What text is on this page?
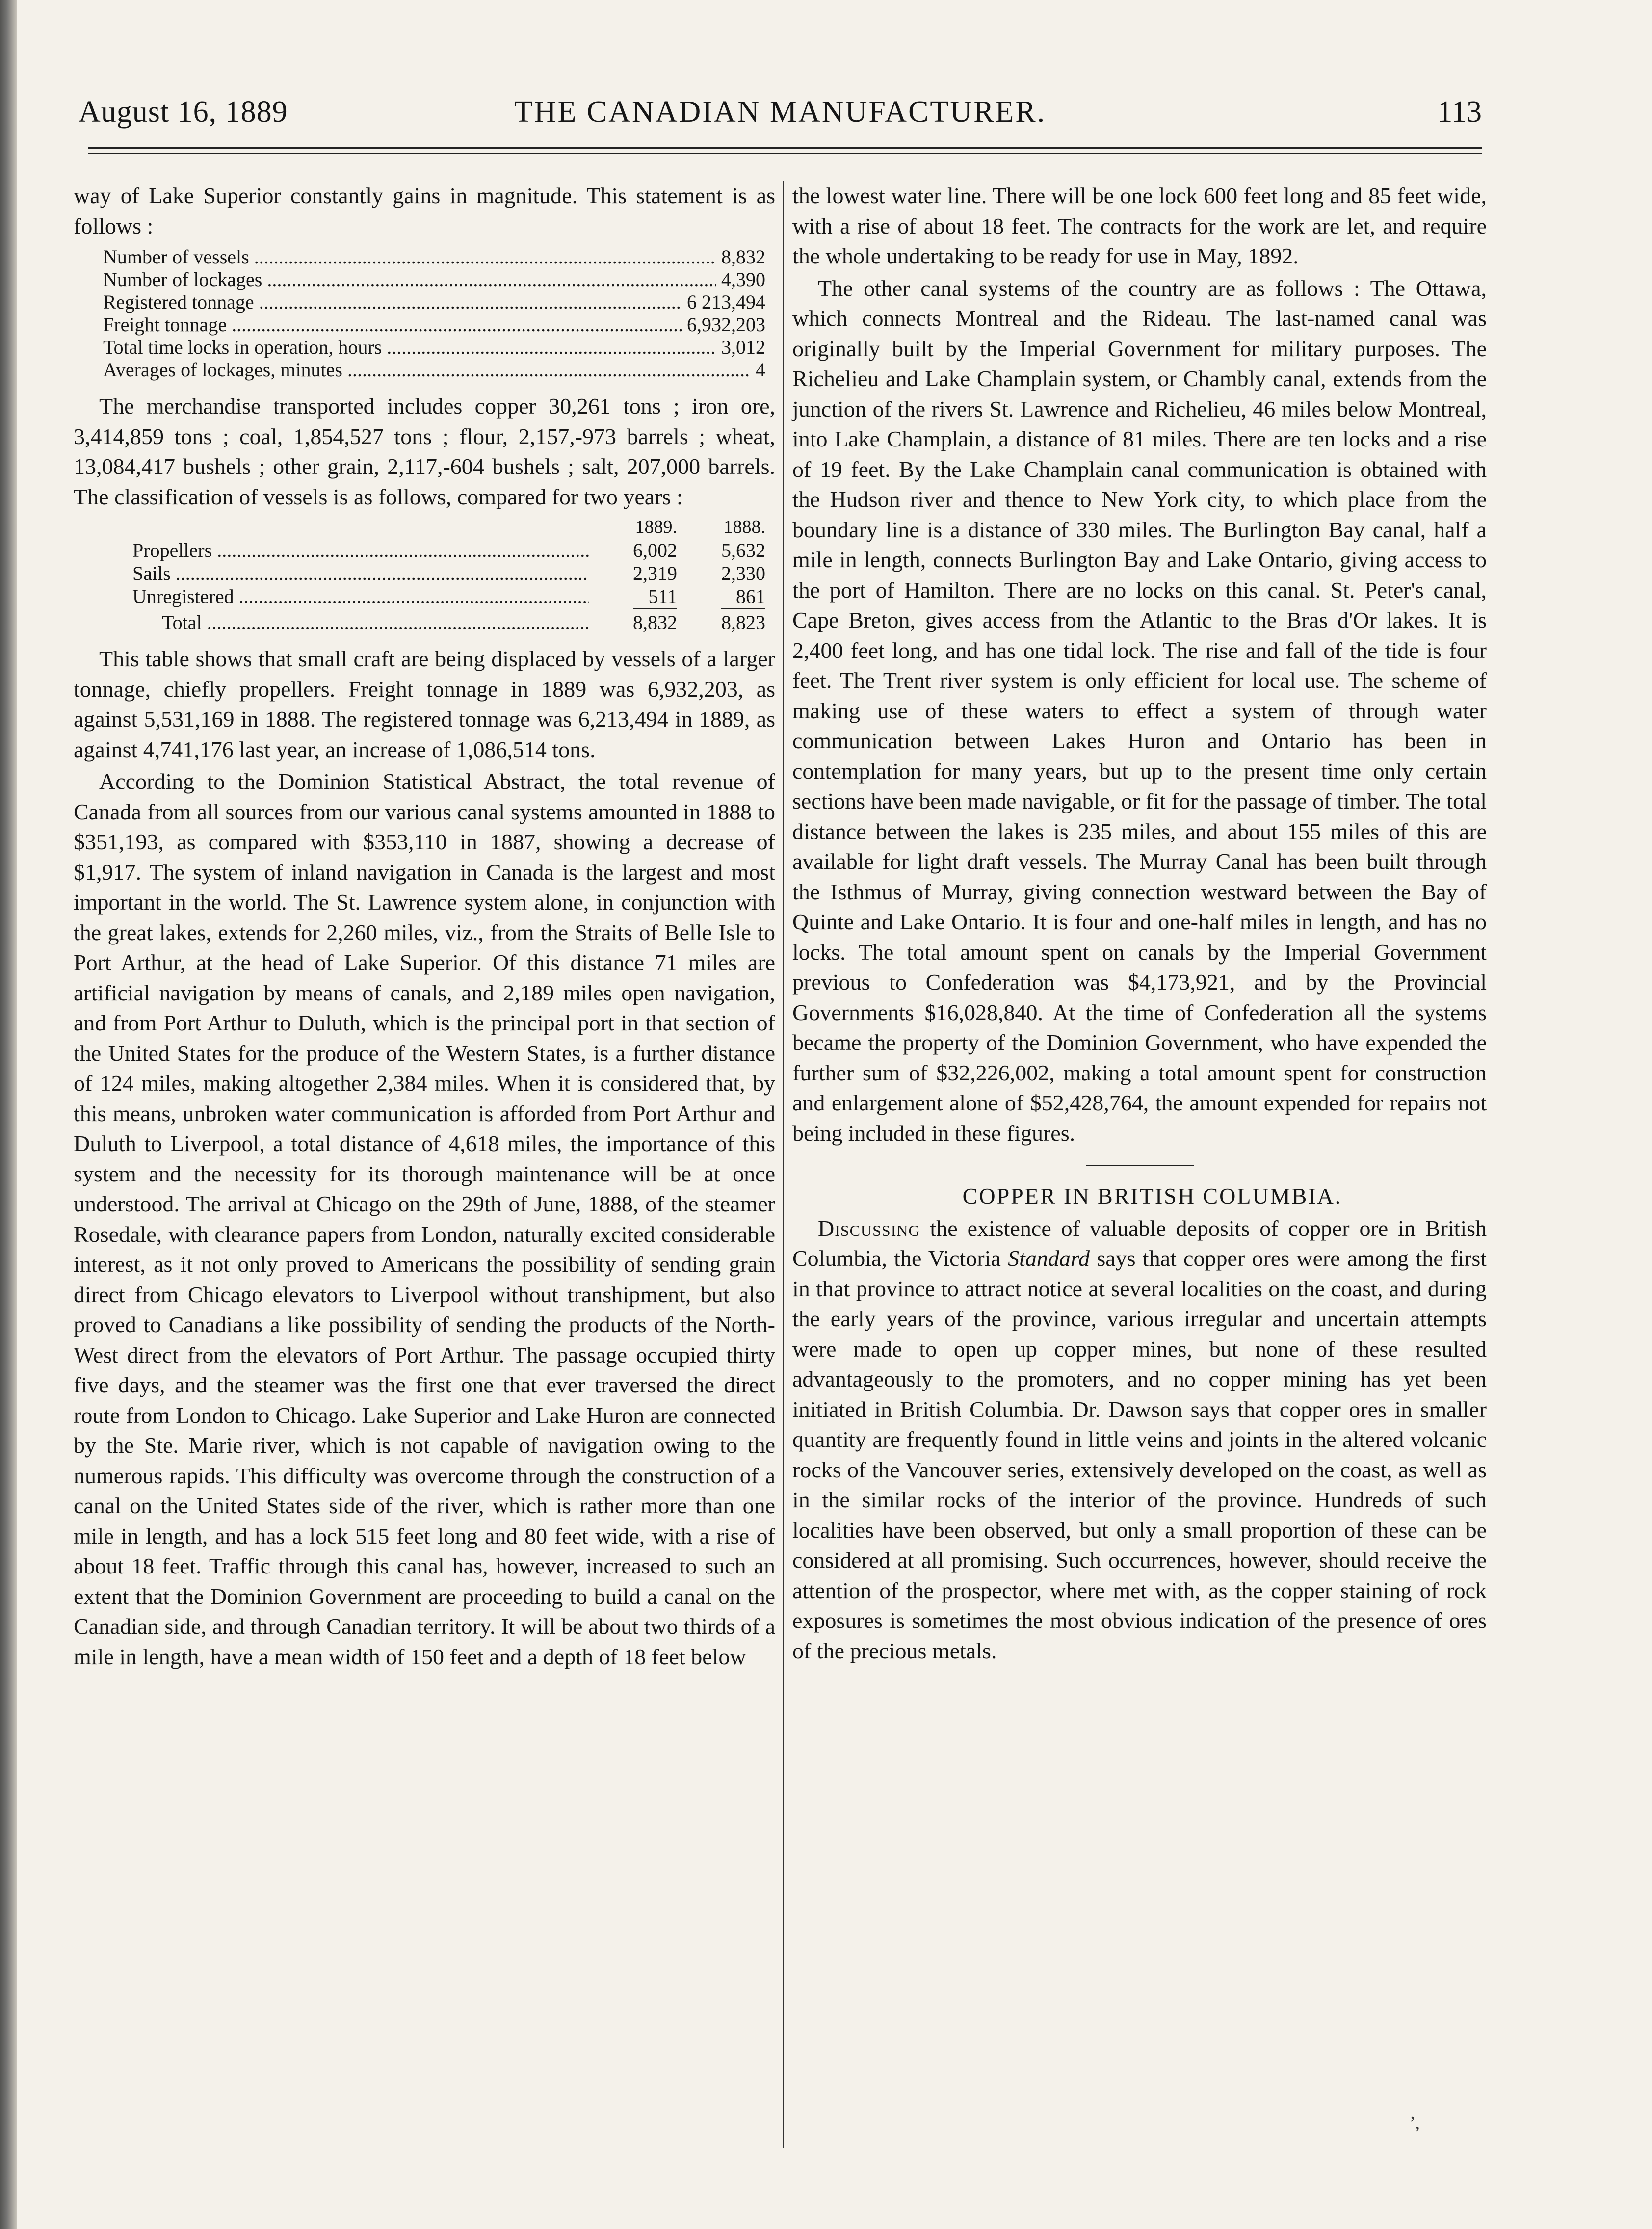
August 16, 1889	THE CANADIAN MANUFACTURER.	113

way of Lake Superior constantly gains in magnitude. This statement is as follows :

Number of vessels .....	8,832
Number of lockages .....	4,390
Registered tonnage .....	6 213,494
Freight tonnage .....	6,932,203
Total time locks in operation, hours .....	3,012
Averages of lockages, minutes .....	4

The merchandise transported includes copper 30,261 tons ; iron ore, 3,414,859 tons ; coal, 1,854,527 tons ; flour, 2,157,-973 barrels ; wheat, 13,084,417 bushels ; other grain, 2,117,-604 bushels ; salt, 207,000 barrels. The classification of vessels is as follows, compared for two years :

1889.	1888.
Propellers .....	6,002	5,632
Sails .....	2,319	2,330
Unregistered .....	511	861
Total .....	8,832	8,823

This table shows that small craft are being displaced by vessels of a larger tonnage, chiefly propellers. Freight tonnage in 1889 was 6,932,203, as against 5,531,169 in 1888. The registered tonnage was 6,213,494 in 1889, as against 4,741,176 last year, an increase of 1,086,514 tons.

According to the Dominion Statistical Abstract, the total revenue of Canada from all sources from our various canal systems amounted in 1888 to $351,193, as compared with $353,110 in 1887, showing a decrease of $1,917. The system of inland navigation in Canada is the largest and most important in the world. The St. Lawrence system alone, in conjunction with the great lakes, extends for 2,260 miles, viz., from the Straits of Belle Isle to Port Arthur, at the head of Lake Superior. Of this distance 71 miles are artificial navigation by means of canals, and 2,189 miles open navigation, and from Port Arthur to Duluth, which is the principal port in that section of the United States for the produce of the Western States, is a further distance of 124 miles, making altogether 2,384 miles. When it is considered that, by this means, unbroken water communication is afforded from Port Arthur and Duluth to Liverpool, a total distance of 4,618 miles, the importance of this system and the necessity for its thorough maintenance will be at once understood. The arrival at Chicago on the 29th of June, 1888, of the steamer Rosedale, with clearance papers from London, naturally excited considerable interest, as it not only proved to Americans the possibility of sending grain direct from Chicago elevators to Liverpool without transhipment, but also proved to Canadians a like possibility of sending the products of the North-West direct from the elevators of Port Arthur. The passage occupied thirty five days, and the steamer was the first one that ever traversed the direct route from London to Chicago. Lake Superior and Lake Huron are connected by the Ste. Marie river, which is not capable of navigation owing to the numerous rapids. This difficulty was overcome through the construction of a canal on the United States side of the river, which is rather more than one mile in length, and has a lock 515 feet long and 80 feet wide, with a rise of about 18 feet. Traffic through this canal has, however, increased to such an extent that the Dominion Government are proceeding to build a canal on the Canadian side, and through Canadian territory. It will be about two thirds of a mile in length, have a mean width of 150 feet and a depth of 18 feet below

the lowest water line. There will be one lock 600 feet long and 85 feet wide, with a rise of about 18 feet. The contracts for the work are let, and require the whole undertaking to be ready for use in May, 1892.

The other canal systems of the country are as follows : The Ottawa, which connects Montreal and the Rideau. The last-named canal was originally built by the Imperial Government for military purposes. The Richelieu and Lake Champlain system, or Chambly canal, extends from the junction of the rivers St. Lawrence and Richelieu, 46 miles below Montreal, into Lake Champlain, a distance of 81 miles. There are ten locks and a rise of 19 feet. By the Lake Champlain canal communication is obtained with the Hudson river and thence to New York city, to which place from the boundary line is a distance of 330 miles. The Burlington Bay canal, half a mile in length, connects Burlington Bay and Lake Ontario, giving access to the port of Hamilton. There are no locks on this canal. St. Peter's canal, Cape Breton, gives access from the Atlantic to the Bras d'Or lakes. It is 2,400 feet long, and has one tidal lock. The rise and fall of the tide is four feet. The Trent river system is only efficient for local use. The scheme of making use of these waters to effect a system of through water communication between Lakes Huron and Ontario has been in contemplation for many years, but up to the present time only certain sections have been made navigable, or fit for the passage of timber. The total distance between the lakes is 235 miles, and about 155 miles of this are available for light draft vessels. The Murray Canal has been built through the Isthmus of Murray, giving connection westward between the Bay of Quinte and Lake Ontario. It is four and one-half miles in length, and has no locks. The total amount spent on canals by the Imperial Government previous to Confederation was $4,173,921, and by the Provincial Governments $16,028,840. At the time of Confederation all the systems became the property of the Dominion Government, who have expended the further sum of $32,226,002, making a total amount spent for construction and enlargement alone of $52,428,764, the amount expended for repairs not being included in these figures.

COPPER IN BRITISH COLUMBIA.

Discussing the existence of valuable deposits of copper ore in British Columbia, the Victoria Standard says that copper ores were among the first in that province to attract notice at several localities on the coast, and during the early years of the province, various irregular and uncertain attempts were made to open up copper mines, but none of these resulted advantageously to the promoters, and no copper mining has yet been initiated in British Columbia. Dr. Dawson says that copper ores in smaller quantity are frequently found in little veins and joints in the altered volcanic rocks of the Vancouver series, extensively developed on the coast, as well as in the similar rocks of the interior of the province. Hundreds of such localities have been observed, but only a small proportion of these can be considered at all promising. Such occurrences, however, should receive the attention of the prospector, where met with, as the copper staining of rock exposures is sometimes the most obvious indication of the presence of ores of the precious metals.

’‚
